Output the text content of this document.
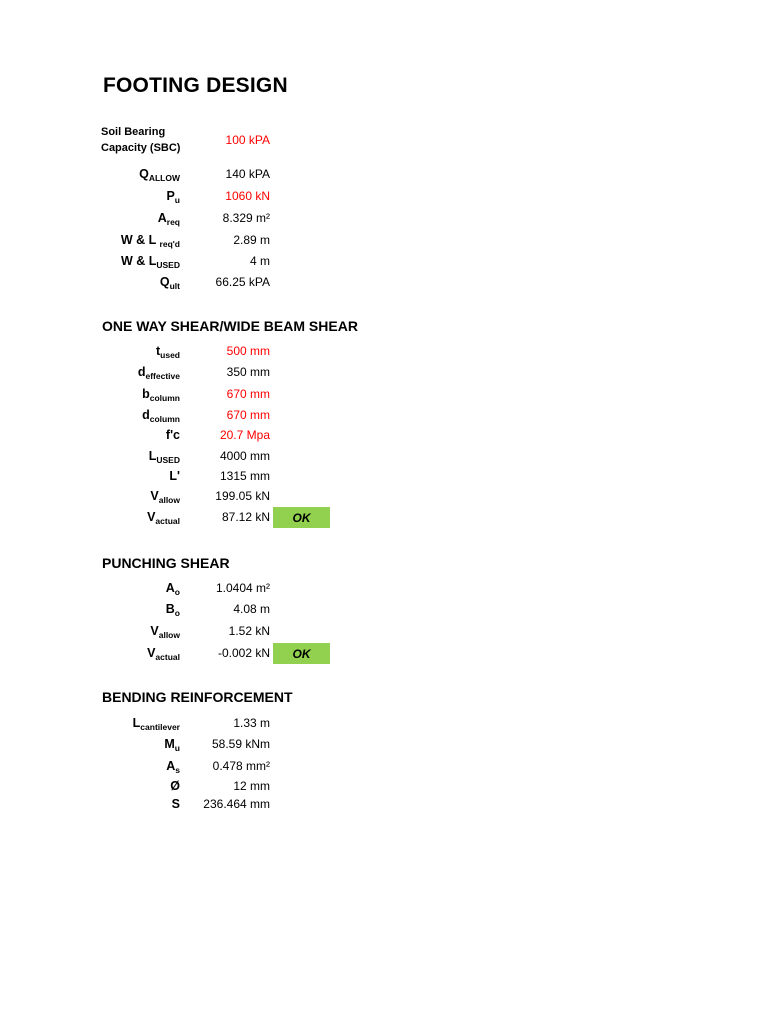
FOOTING DESIGN
Soil Bearing
Capacity (SBC)
100 kPA
$Q_{ALLOW}$	140 kPA
$P_u$	1060 kN
$A_{req}$	8.329 m²
W & L $_{req'd}$	2.89 m
W & $L_{USED}$	4 m
$Q_{ult}$	66.25 kPA
ONE WAY SHEAR/WIDE BEAM SHEAR
$t_{used}$	500 mm
$d_{effective}$	350 mm
$b_{column}$	670 mm
$d_{column}$	670 mm
f'c	20.7 Mpa
$L_{USED}$	4000 mm
L'	1315 mm
$V_{allow}$	199.05 kN
$V_{actual}$	87.12 kN	OK
PUNCHING SHEAR
$A_o$	1.0404 m²
$B_o$	4.08 m
$V_{allow}$	1.52 kN
$V_{actual}$	-0.002 kN	OK
BENDING REINFORCEMENT
$L_{cantilever}$	1.33 m
$M_u$	58.59 kNm
$A_s$	0.478 mm²
Ø	12 mm
S 236.464 mm
